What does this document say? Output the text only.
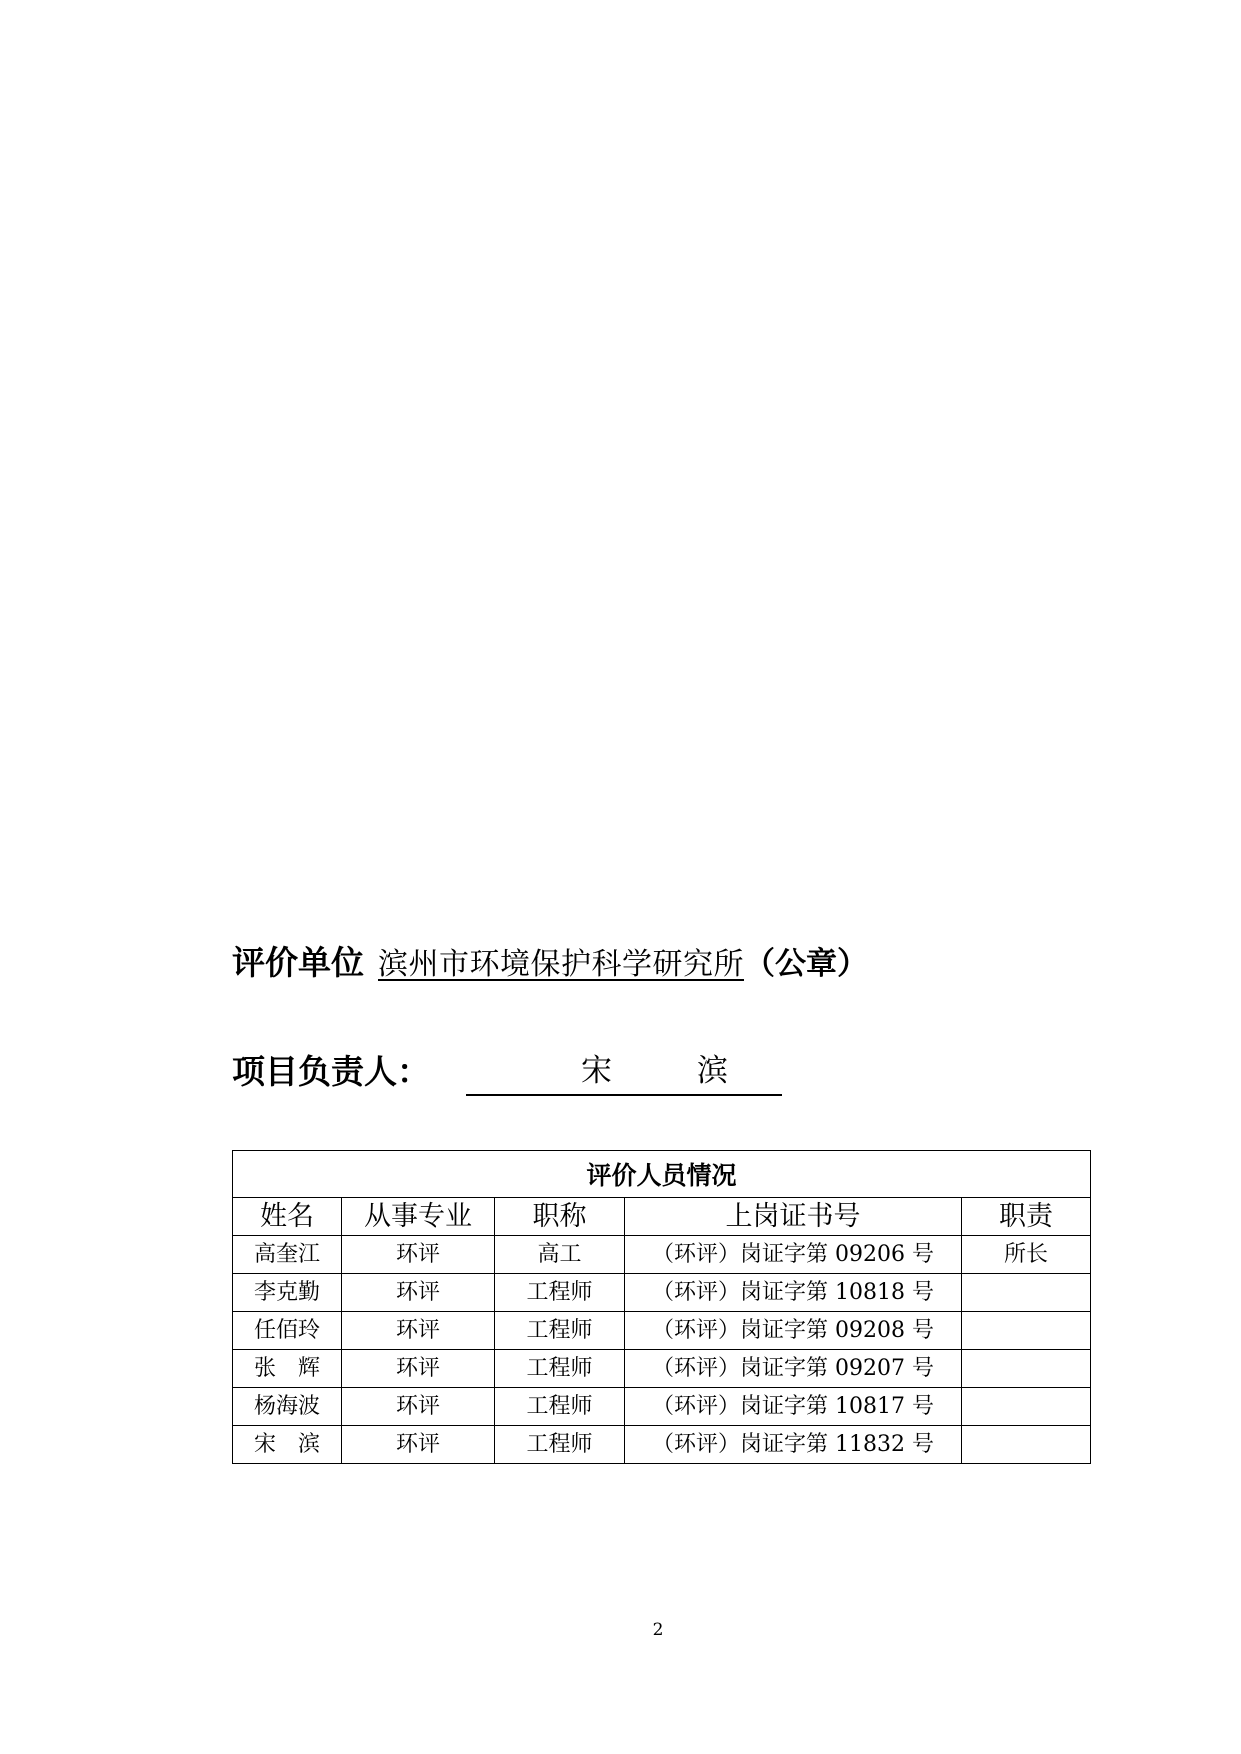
评价单位 滨州市环境保护科学研究所（公章）
项目负责人：	宋	滨
评价人员情况				
姓名	从事专业	职称	上岗证书号	职责
高奎江	环评	高工	（环评）岗证字第 09206 号	所长
李克勤	环评	工程师	（环评）岗证字第 10818 号	
任佰玲	环评	工程师	（环评）岗证字第 09208 号	
张　辉	环评	工程师	（环评）岗证字第 09207 号	
杨海波	环评	工程师	（环评）岗证字第 10817 号	
宋　滨	环评	工程师	（环评）岗证字第 11832 号	
2
